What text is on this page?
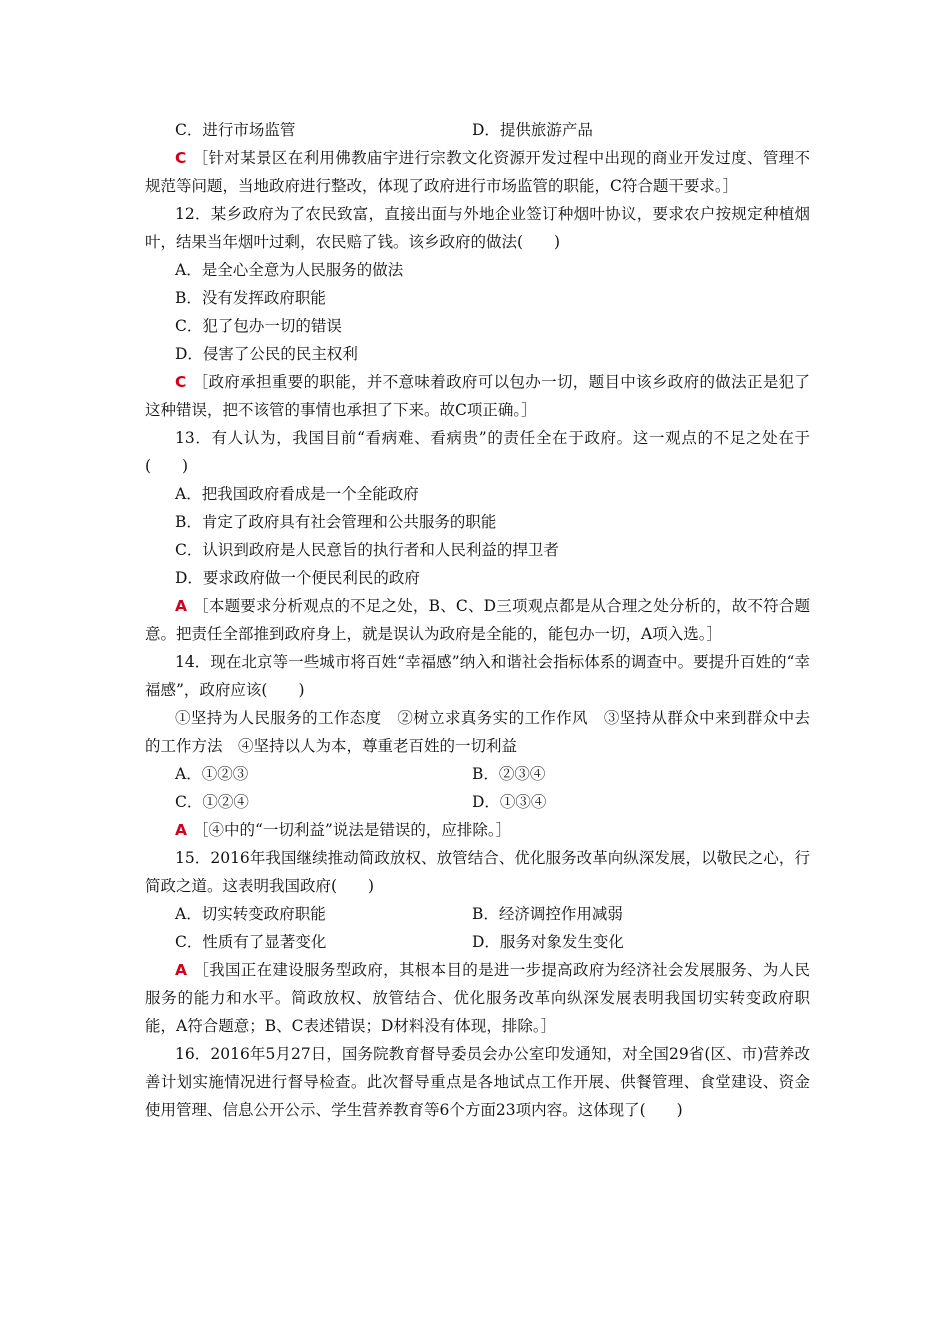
C．进行市场监管	D．提供旅游产品
C ［针对某景区在利用佛教庙宇进行宗教文化资源开发过程中出现的商业开发过度、管理不规范等问题，当地政府进行整改，体现了政府进行市场监管的职能，C符合题干要求。］
12．某乡政府为了农民致富，直接出面与外地企业签订种烟叶协议，要求农户按规定种植烟叶，结果当年烟叶过剩，农民赔了钱。该乡政府的做法(　　)
A．是全心全意为人民服务的做法
B．没有发挥政府职能
C．犯了包办一切的错误
D．侵害了公民的民主权利
C ［政府承担重要的职能，并不意味着政府可以包办一切，题目中该乡政府的做法正是犯了这种错误，把不该管的事情也承担了下来。故C项正确。］
13．有人认为，我国目前“看病难、看病贵”的责任全在于政府。这一观点的不足之处在于(　　)
A．把我国政府看成是一个全能政府
B．肯定了政府具有社会管理和公共服务的职能
C．认识到政府是人民意旨的执行者和人民利益的捍卫者
D．要求政府做一个便民利民的政府
A ［本题要求分析观点的不足之处，B、C、D三项观点都是从合理之处分析的，故不符合题意。把责任全部推到政府身上，就是误认为政府是全能的，能包办一切，A项入选。］
14．现在北京等一些城市将百姓“幸福感”纳入和谐社会指标体系的调查中。要提升百姓的“幸福感”，政府应该(　　)
①坚持为人民服务的工作态度　②树立求真务实的工作作风　③坚持从群众中来到群众中去的工作方法　④坚持以人为本，尊重老百姓的一切利益
A．①②③	B．②③④
C．①②④	D．①③④
A ［④中的“一切利益”说法是错误的，应排除。］
15．2016年我国继续推动简政放权、放管结合、优化服务改革向纵深发展，以敬民之心，行简政之道。这表明我国政府(　　)
A．切实转变政府职能	B．经济调控作用减弱
C．性质有了显著变化	D．服务对象发生变化
A ［我国正在建设服务型政府，其根本目的是进一步提高政府为经济社会发展服务、为人民服务的能力和水平。简政放权、放管结合、优化服务改革向纵深发展表明我国切实转变政府职能，A符合题意；B、C表述错误；D材料没有体现，排除。］
16．2016年5月27日，国务院教育督导委员会办公室印发通知，对全国29省(区、市)营养改善计划实施情况进行督导检查。此次督导重点是各地试点工作开展、供餐管理、食堂建设、资金使用管理、信息公开公示、学生营养教育等6个方面23项内容。这体现了(　　)
